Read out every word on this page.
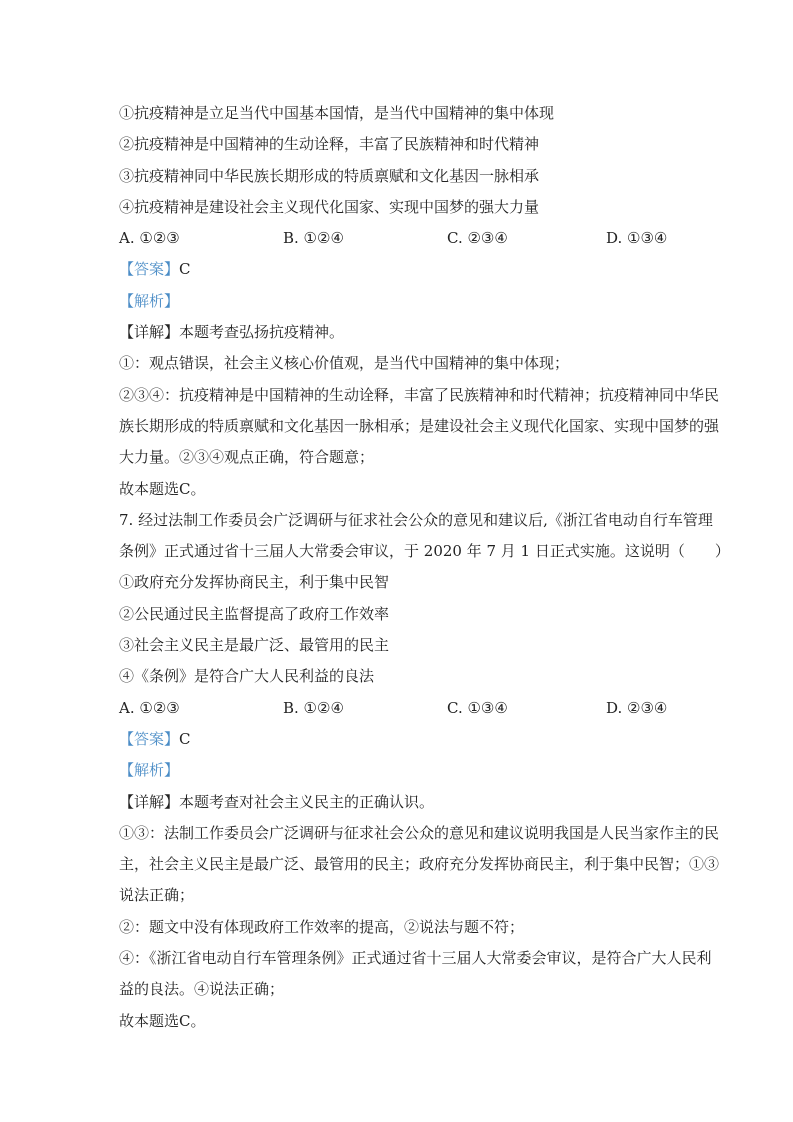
①抗疫精神是立足当代中国基本国情，是当代中国精神的集中体现
②抗疫精神是中国精神的生动诠释，丰富了民族精神和时代精神
③抗疫精神同中华民族长期形成的特质禀赋和文化基因一脉相承
④抗疫精神是建设社会主义现代化国家、实现中国梦的强大力量
A. ①②③	B. ①②④	C. ②③④	D. ①③④
【答案】C
【解析】
【详解】本题考查弘扬抗疫精神。
①：观点错误，社会主义核心价值观，是当代中国精神的集中体现；
②③④：抗疫精神是中国精神的生动诠释，丰富了民族精神和时代精神；抗疫精神同中华民
族长期形成的特质禀赋和文化基因一脉相承；是建设社会主义现代化国家、实现中国梦的强
大力量。②③④观点正确，符合题意；
故本题选C。
7. 经过法制工作委员会广泛调研与征求社会公众的意见和建议后,《浙江省电动自行车管理
条例》正式通过省十三届人大常委会审议，于 2020 年 7 月 1 日正式实施。这说明（　　）
①政府充分发挥协商民主，利于集中民智
②公民通过民主监督提高了政府工作效率
③社会主义民主是最广泛、最管用的民主
④《条例》是符合广大人民利益的良法
A. ①②③	B. ①②④	C. ①③④	D. ②③④
【答案】C
【解析】
【详解】本题考查对社会主义民主的正确认识。
①③：法制工作委员会广泛调研与征求社会公众的意见和建议说明我国是人民当家作主的民
主，社会主义民主是最广泛、最管用的民主；政府充分发挥协商民主，利于集中民智；①③
说法正确；
②：题文中没有体现政府工作效率的提高，②说法与题不符；
④：《浙江省电动自行车管理条例》正式通过省十三届人大常委会审议，是符合广大人民利
益的良法。④说法正确；
故本题选C。
